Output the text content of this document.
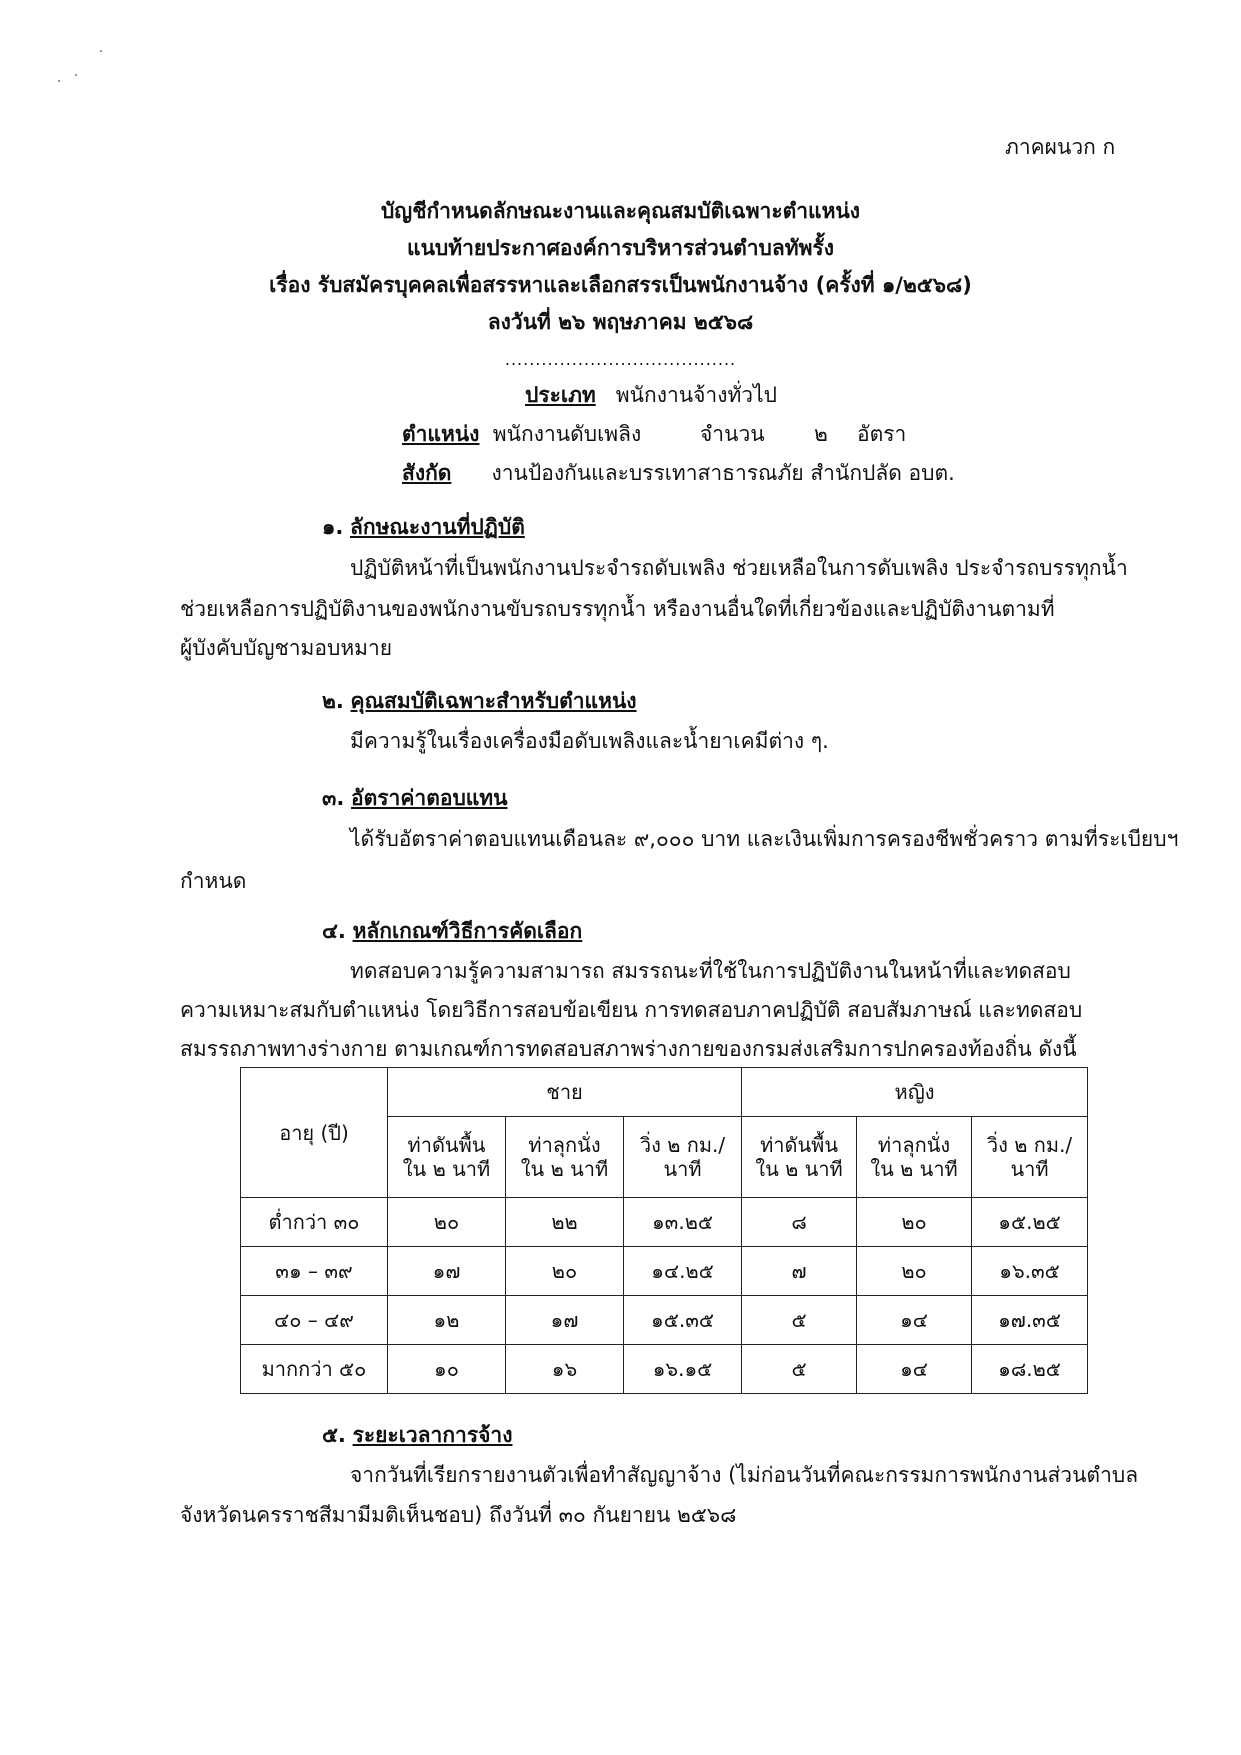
ภาคผนวก ก
บัญชีกำหนดลักษณะงานและคุณสมบัติเฉพาะตำแหน่ง
แนบท้ายประกาศองค์การบริหารส่วนตำบลทัพรั้ง
เรื่อง รับสมัครบุคคลเพื่อสรรหาและเลือกสรรเป็นพนักงานจ้าง (ครั้งที่ ๑/๒๕๖๘)
ลงวันที่ ๒๖ พฤษภาคม ๒๕๖๘
......................................
ประเภท พนักงานจ้างทั่วไป
ตำแหน่ง พนักงานดับเพลิง	จำนวน ๒ อัตรา
สังกัด งานป้องกันและบรรเทาสาธารณภัย สำนักปลัด อบต.
๑. ลักษณะงานที่ปฏิบัติ
ปฏิบัติหน้าที่เป็นพนักงานประจำรถดับเพลิง ช่วยเหลือในการดับเพลิง ประจำรถบรรทุกน้ำ
ช่วยเหลือการปฏิบัติงานของพนักงานขับรถบรรทุกน้ำ หรืองานอื่นใดที่เกี่ยวข้องและปฏิบัติงานตามที่
ผู้บังคับบัญชามอบหมาย
๒. คุณสมบัติเฉพาะสำหรับตำแหน่ง
มีความรู้ในเรื่องเครื่องมือดับเพลิงและน้ำยาเคมีต่าง ๆ.
๓. อัตราค่าตอบแทน
ได้รับอัตราค่าตอบแทนเดือนละ ๙,๐๐๐ บาท และเงินเพิ่มการครองชีพชั่วคราว ตามที่ระเบียบฯ
กำหนด
๔. หลักเกณฑ์วิธีการคัดเลือก
ทดสอบความรู้ความสามารถ สมรรถนะที่ใช้ในการปฏิบัติงานในหน้าที่และทดสอบ
ความเหมาะสมกับตำแหน่ง โดยวิธีการสอบข้อเขียน การทดสอบภาคปฏิบัติ สอบสัมภาษณ์ และทดสอบ
สมรรถภาพทางร่างกาย ตามเกณฑ์การทดสอบสภาพร่างกายของกรมส่งเสริมการปกครองท้องถิ่น ดังนี้
อายุ (ปี)	ชาย			หญิง		
	ท่าดันพื้น
ใน ๒ นาที	ท่าลุกนั่ง
ใน ๒ นาที	วิ่ง ๒ กม./
นาที	ท่าดันพื้น
ใน ๒ นาที	ท่าลุกนั่ง
ใน ๒ นาที	วิ่ง ๒ กม./
นาที
ต่ำกว่า ๓๐	๒๐	๒๒	๑๓.๒๕	๘	๒๐	๑๕.๒๕
๓๑ – ๓๙	๑๗	๒๐	๑๔.๒๕	๗	๒๐	๑๖.๓๕
๔๐ – ๔๙	๑๒	๑๗	๑๕.๓๕	๕	๑๔	๑๗.๓๕
มากกว่า ๕๐	๑๐	๑๖	๑๖.๑๕	๕	๑๔	๑๘.๒๕
๕. ระยะเวลาการจ้าง
จากวันที่เรียกรายงานตัวเพื่อทำสัญญาจ้าง (ไม่ก่อนวันที่คณะกรรมการพนักงานส่วนตำบล
จังหวัดนครราชสีมามีมติเห็นชอบ) ถึงวันที่ ๓๐ กันยายน ๒๕๖๘
